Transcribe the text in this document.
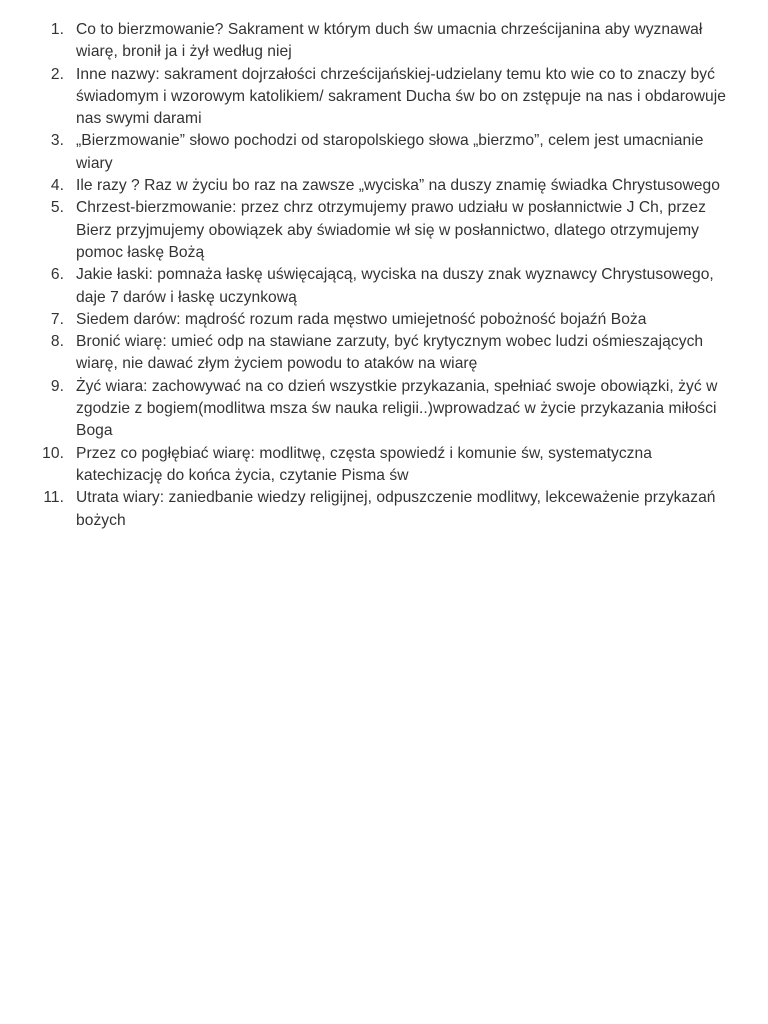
1. Co to bierzmowanie? Sakrament w którym duch św umacnia chrześcijanina aby wyznawał wiarę, bronił ja i żył według niej
2. Inne nazwy: sakrament dojrzałości chrześcijańskiej-udzielany temu kto wie co to znaczy być świadomym i wzorowym katolikiem/ sakrament Ducha św bo on zstępuje na nas i obdarowuje nas swymi darami
3. „Bierzmowanie” słowo pochodzi od staropolskiego słowa „bierzmo”, celem jest umacnianie wiary
4. Ile razy ? Raz w życiu bo raz na zawsze „wyciska” na duszy znamię świadka Chrystusowego
5. Chrzest-bierzmowanie: przez chrz otrzymujemy prawo udziału w posłannictwie J Ch, przez Bierz przyjmujemy obowiązek aby świadomie wł się w posłannictwo, dlatego otrzymujemy pomoc łaskę Bożą
6. Jakie łaski: pomnaża łaskę uświęcającą, wyciska na duszy znak wyznawcy Chrystusowego, daje 7 darów i łaskę uczynkową
7. Siedem darów: mądrość rozum rada męstwo umiejetność pobożność bojaźń Boża
8. Bronić wiarę: umieć odp na stawiane zarzuty, być krytycznym wobec ludzi ośmieszających wiarę, nie dawać złym życiem powodu to ataków na wiarę
9. Żyć wiara: zachowywać na co dzień wszystkie przykazania, spełniać swoje obowiązki, żyć w zgodzie z bogiem(modlitwa msza św nauka religii..)wprowadzać w życie przykazania miłości Boga
10. Przez co pogłębiać wiarę: modlitwę, częsta spowiedź i komunie św, systematyczna katechizację do końca życia, czytanie Pisma św
11. Utrata wiary: zaniedbanie wiedzy religijnej, odpuszczenie modlitwy, lekceważenie przykazań bożych
